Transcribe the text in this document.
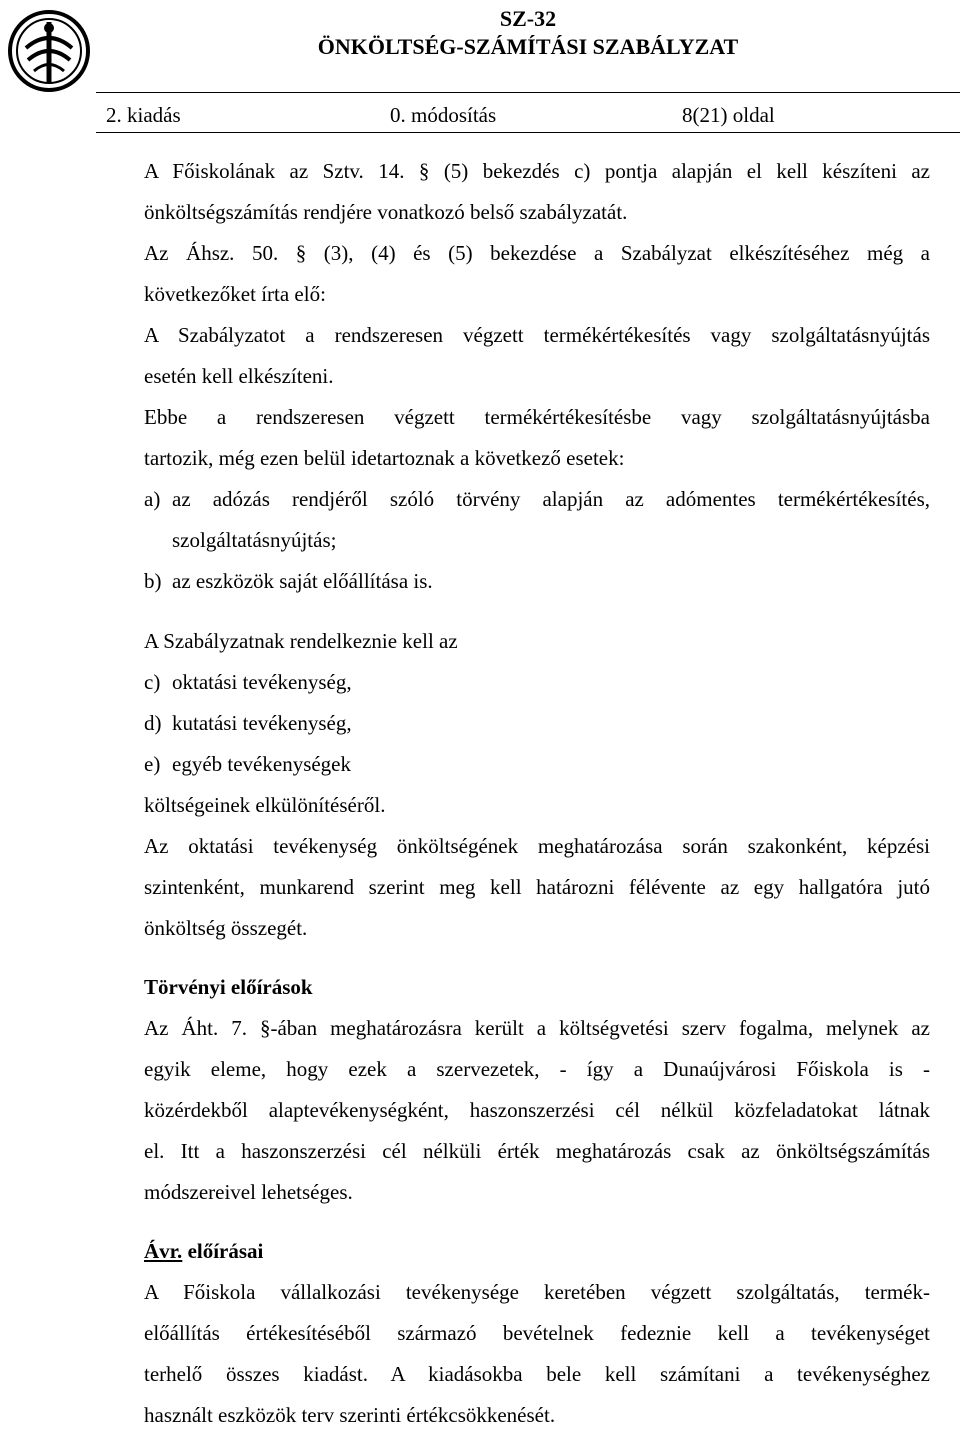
SZ-32
ÖNKÖLTSÉG-SZÁMÍTÁSI SZABÁLYZAT
2. kiadás	0. módosítás	8(21) oldal

A Főiskolának az Sztv. 14. § (5) bekezdés c) pontja alapján el kell készíteni az

önköltségszámítás rendjére vonatkozó belső szabályzatát.

Az Áhsz. 50. § (3), (4) és (5) bekezdése a Szabályzat elkészítéséhez még a

következőket írta elő:

A Szabályzatot a rendszeresen végzett termékértékesítés vagy szolgáltatásnyújtás

esetén kell elkészíteni.

Ebbe a rendszeresen végzett termékértékesítésbe vagy szolgáltatásnyújtásba

tartozik, még ezen belül idetartoznak a következő esetek:

a) az adózás rendjéről szóló törvény alapján az adómentes termékértékesítés,

szolgáltatásnyújtás;

b) az eszközök saját előállítása is.

A Szabályzatnak rendelkeznie kell az

c) oktatási tevékenység,
d) kutatási tevékenység,
e) egyéb tevékenységek

költségeinek elkülönítéséről.

Az oktatási tevékenység önköltségének meghatározása során szakonként, képzési

szintenként, munkarend szerint meg kell határozni félévente az egy hallgatóra jutó

önköltség összegét.

Törvényi előírások

Az Áht. 7. §-ában meghatározásra került a költségvetési szerv fogalma, melynek az

egyik eleme, hogy ezek a szervezetek, - így a Dunaújvárosi Főiskola is -

közérdekből alaptevékenységként, haszonszerzési cél nélkül közfeladatokat látnak

el. Itt a haszonszerzési cél nélküli érték meghatározás csak az önköltségszámítás

módszereivel lehetséges.

Ávr. előírásai

A Főiskola vállalkozási tevékenysége keretében végzett szolgáltatás, termék-

előállítás értékesítéséből származó bevételnek fedeznie kell a tevékenységet

terhelő összes kiadást. A kiadásokba bele kell számítani a tevékenységhez

használt eszközök terv szerinti értékcsökkenését.
